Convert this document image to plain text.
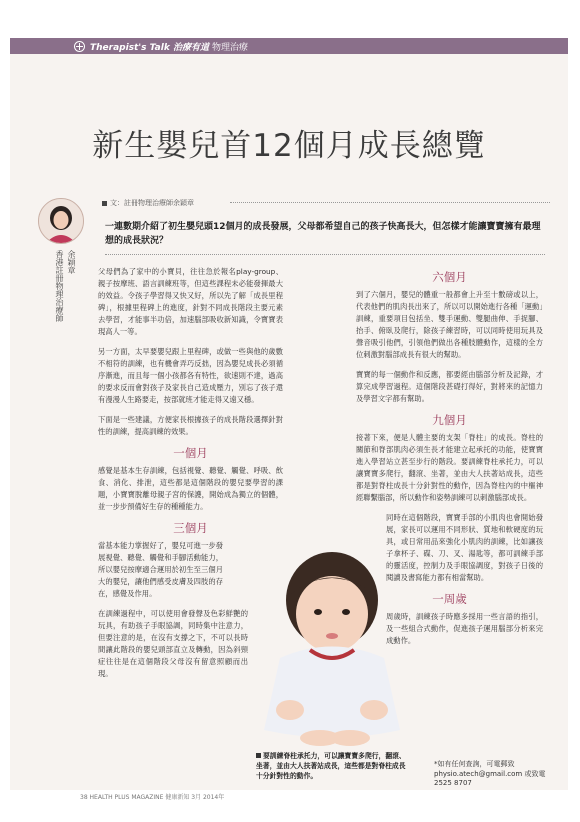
Therapist's Talk 治療有道 物理治療
新生嬰兒首12個月成長總覽
余穎章
香港註冊物理治療師
文：註冊物理治療師余穎章
一連數期介紹了初生嬰兒頭12個月的成長發展，父母都希望自己的孩子快高長大，但怎樣才能讓寶寶擁有最理想的成長狀況？

父母們為了家中的小寶貝，往往急於報名play-group、親子按摩班、語言訓練班等，但這些課程未必能發揮最大的效益。令孩子學習得又快又好，所以先了解「成長里程碑」，根據里程碑上的進度，針對不同成長階段主要元素去學習，才能事半功倍，加速腦部吸收新知識，令寶寶表現高人一等。

另一方面，太早要嬰兒跟上里程碑，或做一些與他的歲數不相符的訓練，也有機會弄巧反拙，因為嬰兒成長必須循序漸進，而且每一個小孩都各有特性，欲速則不達，過高的要求反而會對孩子及家長自己造成壓力，別忘了孩子還有漫漫人生路要走，按部就班才能走得又遠又穩。

下面是一些建議，方便家長根據孩子的成長階段選擇針對性的訓練，提高訓練的效果。

一個月

感覺是基本生存訓練，包括視覺、聽覺、觸覺、呼吸、飲食、消化、排泄，這些都是這個階段的嬰兒要學習的課題，小寶寶脫離母親子宮的保護，開始成為獨立的個體，並一步步預備好生存的種種能力。

三個月

當基本能力掌握好了，嬰兒可進一步發展視覺、聽覺、觸覺和手腳活動能力，所以嬰兒按摩適合運用於初生至三個月大的嬰兒，讓他們感受皮膚及四肢的存在，感覺及作用。

在訓練過程中，可以使用會發聲及色彩鮮艷的玩具，有助孩子手眼協調，同時集中注意力，但要注意的是，在沒有支撐之下，不可以長時間讓此階段的嬰兒頭部直立及轉動，因為斜頸症往往是在這個階段父母沒有留意照顧而出現。

六個月

到了六個月，嬰兒的體重一般都會上升至十數磅或以上，代表他們的肌肉長出來了，所以可以開始進行各種「運動」訓練，重要項目包括坐、雙手運動、雙腿曲伸、手捉腳、抬手、俯臥及爬行，除孩子練習時，可以同時使用玩具及聲音吸引他們，引領他們做出各種肢體動作，這樣的全方位刺激對腦部成長有很大的幫助。

寶寶的每一個動作和反應，都要經由腦部分析及記錄，才算完成學習過程。這個階段甚礎打得好，對將來的記憶力及學習文字都有幫助。

九個月

接著下來，便是人體主要的支架「脊柱」的成長。脊柱的關節和脊部肌肉必須生長才能建立起承托的功能，使寶寶進入學習站立甚至步行的階段。要訓練脊柱承托力，可以讓寶寶多爬行，翻滾、坐著，並由大人扶著站成長，這些都是對脊柱成長十分針對性的動作，因為脊柱內的中樞神經聯繫腦部，所以動作和姿勢訓練可以刺激腦部成長。

同時在這個階段，寶寶手部的小肌肉也會開始發展，家長可以運用不同形狀、質地和軟硬度的玩具，或日常用品來強化小肌肉的訓練，比如讓孩子拿杯子、碟、刀、叉、湯匙等，都可訓練手部的靈活度，控制力及手眼協調度，對孩子日後的閱讀及書寫能力都有相當幫助。

一周歲

周歲時，訓練孩子時應多採用一些言語的指引，及一些組合式動作，促進孩子運用腦部分析來完成動作。

要訓練脊柱承托力，可以讓寶寶多爬行，翻滾、坐著，並由大人扶著站成長，這些都是對脊柱成長十分針對性的動作。
*如有任何查詢，可電郵致 physio.atech@gmail.com 或致電 2525 8707
38 HEALTH PLUS MAGAZINE 健康新知 3月 2014年
